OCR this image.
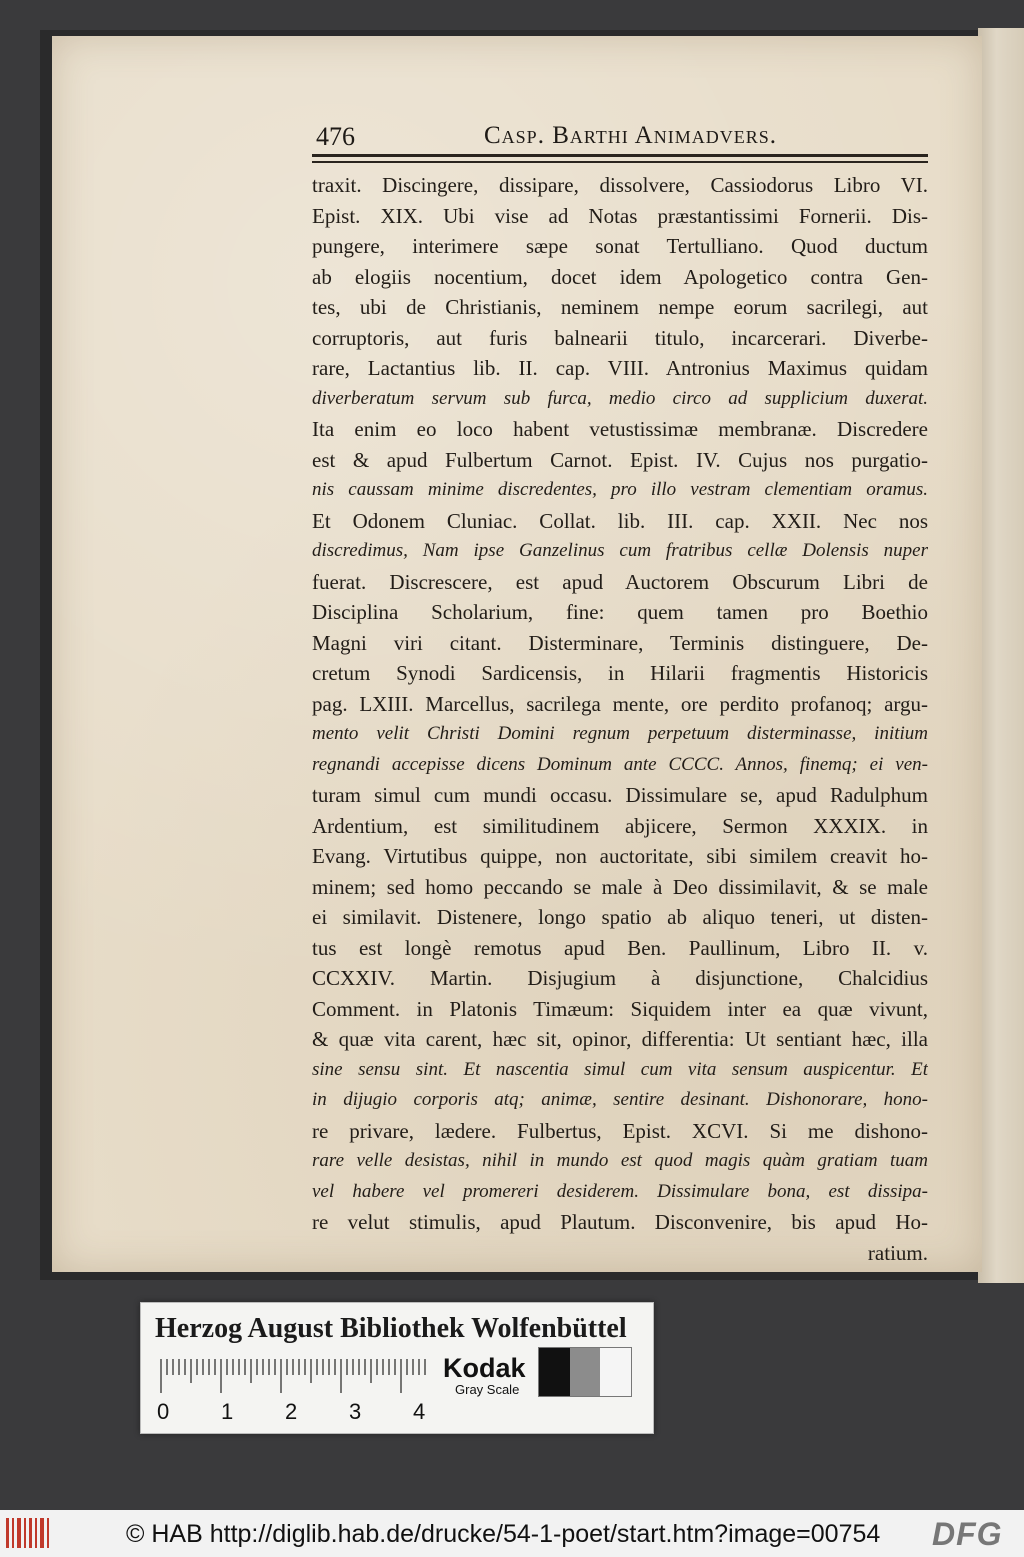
476	Casp. Barthi Animadvers.
traxit. Discingere, dissipare, dissolvere, Cassiodorus Libro VI.
Epist. XIX. Ubi vise ad Notas præstantissimi Fornerii. Dis-
pungere, interimere sæpe sonat Tertulliano. Quod ductum
ab elogiis nocentium, docet idem Apologetico contra Gen-
tes, ubi de Christianis, neminem nempe eorum sacrilegi, aut
corruptoris, aut furis balnearii titulo, incarcerari. Diverbe-
rare, Lactantius lib. II. cap. VIII. Antronius Maximus quidam
diverberatum servum sub furca, medio circo ad supplicium duxerat.
Ita enim eo loco habent vetustissimæ membranæ. Discredere
est & apud Fulbertum Carnot. Epist. IV. Cujus nos purgatio-
nis caussam minime discredentes, pro illo vestram clementiam oramus.
Et Odonem Cluniac. Collat. lib. III. cap. XXII. Nec nos
discredimus, Nam ipse Ganzelinus cum fratribus cellæ Dolensis nuper
fuerat. Discrescere, est apud Auctorem Obscurum Libri de
Disciplina Scholarium, fine: quem tamen pro Boethio
Magni viri citant. Disterminare, Terminis distinguere, De-
cretum Synodi Sardicensis, in Hilarii fragmentis Historicis
pag. LXIII. Marcellus, sacrilega mente, ore perdito profanoq; argu-
mento velit Christi Domini regnum perpetuum disterminasse, initium
regnandi accepisse dicens Dominum ante CCCC. Annos, finemq; ei ven-
turam simul cum mundi occasu. Dissimulare se, apud Radulphum
Ardentium, est similitudinem abjicere, Sermon XXXIX. in
Evang. Virtutibus quippe, non auctoritate, sibi similem creavit ho-
minem; sed homo peccando se male à Deo dissimilavit, & se male
ei similavit. Distenere, longo spatio ab aliquo teneri, ut disten-
tus est longè remotus apud Ben. Paullinum, Libro II. v.
CCXXIV. Martin. Disjugium à disjunctione, Chalcidius
Comment. in Platonis Timæum: Siquidem inter ea quæ vivunt,
& quæ vita carent, hæc sit, opinor, differentia: Ut sentiant hæc, illa
sine sensu sint. Et nascentia simul cum vita sensum auspicentur. Et
in dijugio corporis atq; animæ, sentire desinant. Dishonorare, hono-
re privare, lædere. Fulbertus, Epist. XCVI. Si me dishono-
rare velle desistas, nihil in mundo est quod magis quàm gratiam tuam
vel habere vel promereri desiderem. Dissimulare bona, est dissipa-
re velut stimulis, apud Plautum. Disconvenire, bis apud Ho-
ratium.
Herzog August Bibliothek Wolfenbüttel
0 1 2 3 4
Kodak
Gray Scale
© HAB http://diglib.hab.de/drucke/54-1-poet/start.htm?image=00754 DFG
